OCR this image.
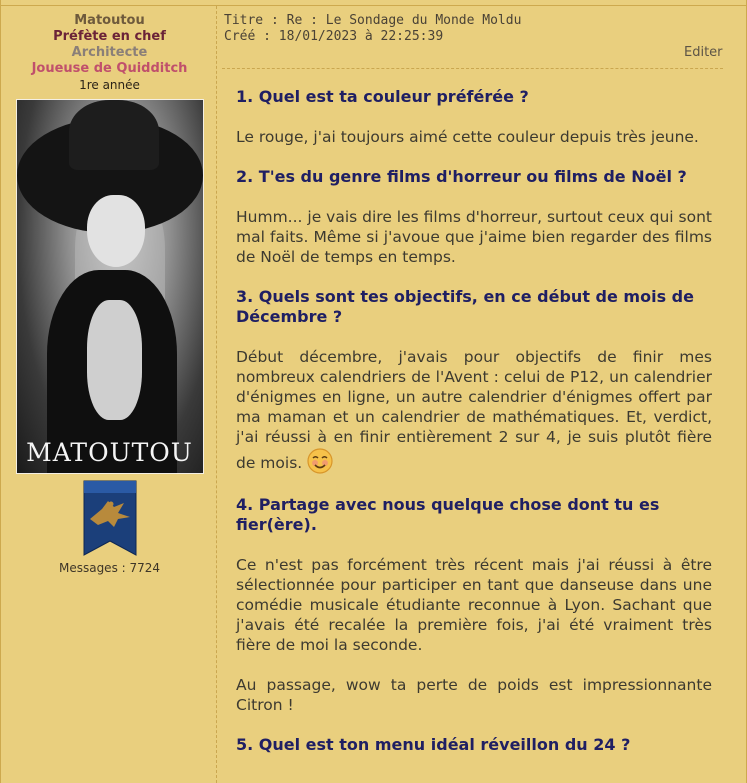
Matoutou
Préfète en chef
Architecte
Joueuse de Quidditch
1re année
MATOUTOU
Messages : 7724
Titre : Re : Le Sondage du Monde Moldu
Créé : 18/01/2023 à 22:25:39
Editer
1. Quel est ta couleur préférée ?

Le rouge, j'ai toujours aimé cette couleur depuis très jeune.

2. T'es du genre films d'horreur ou films de Noël ?

Humm... je vais dire les films d'horreur, surtout ceux qui sont mal faits. Même si j'avoue que j'aime bien regarder des films de Noël de temps en temps.

3. Quels sont tes objectifs, en ce début de mois de Décembre ?

Début décembre, j'avais pour objectifs de finir mes nombreux calendriers de l'Avent : celui de P12, un calendrier d'énigmes en ligne, un autre calendrier d'énigmes offert par ma maman et un calendrier de mathématiques. Et, verdict, j'ai réussi à en finir entièrement 2 sur 4, je suis plutôt fière de mois.

4. Partage avec nous quelque chose dont tu es fier(ère).

Ce n'est pas forcément très récent mais j'ai réussi à être sélectionnée pour participer en tant que danseuse dans une comédie musicale étudiante reconnue à Lyon. Sachant que j'avais été recalée la première fois, j'ai été vraiment très fière de moi la seconde.

Au passage, wow ta perte de poids est impressionnante Citron !

5. Quel est ton menu idéal réveillon du 24 ?
